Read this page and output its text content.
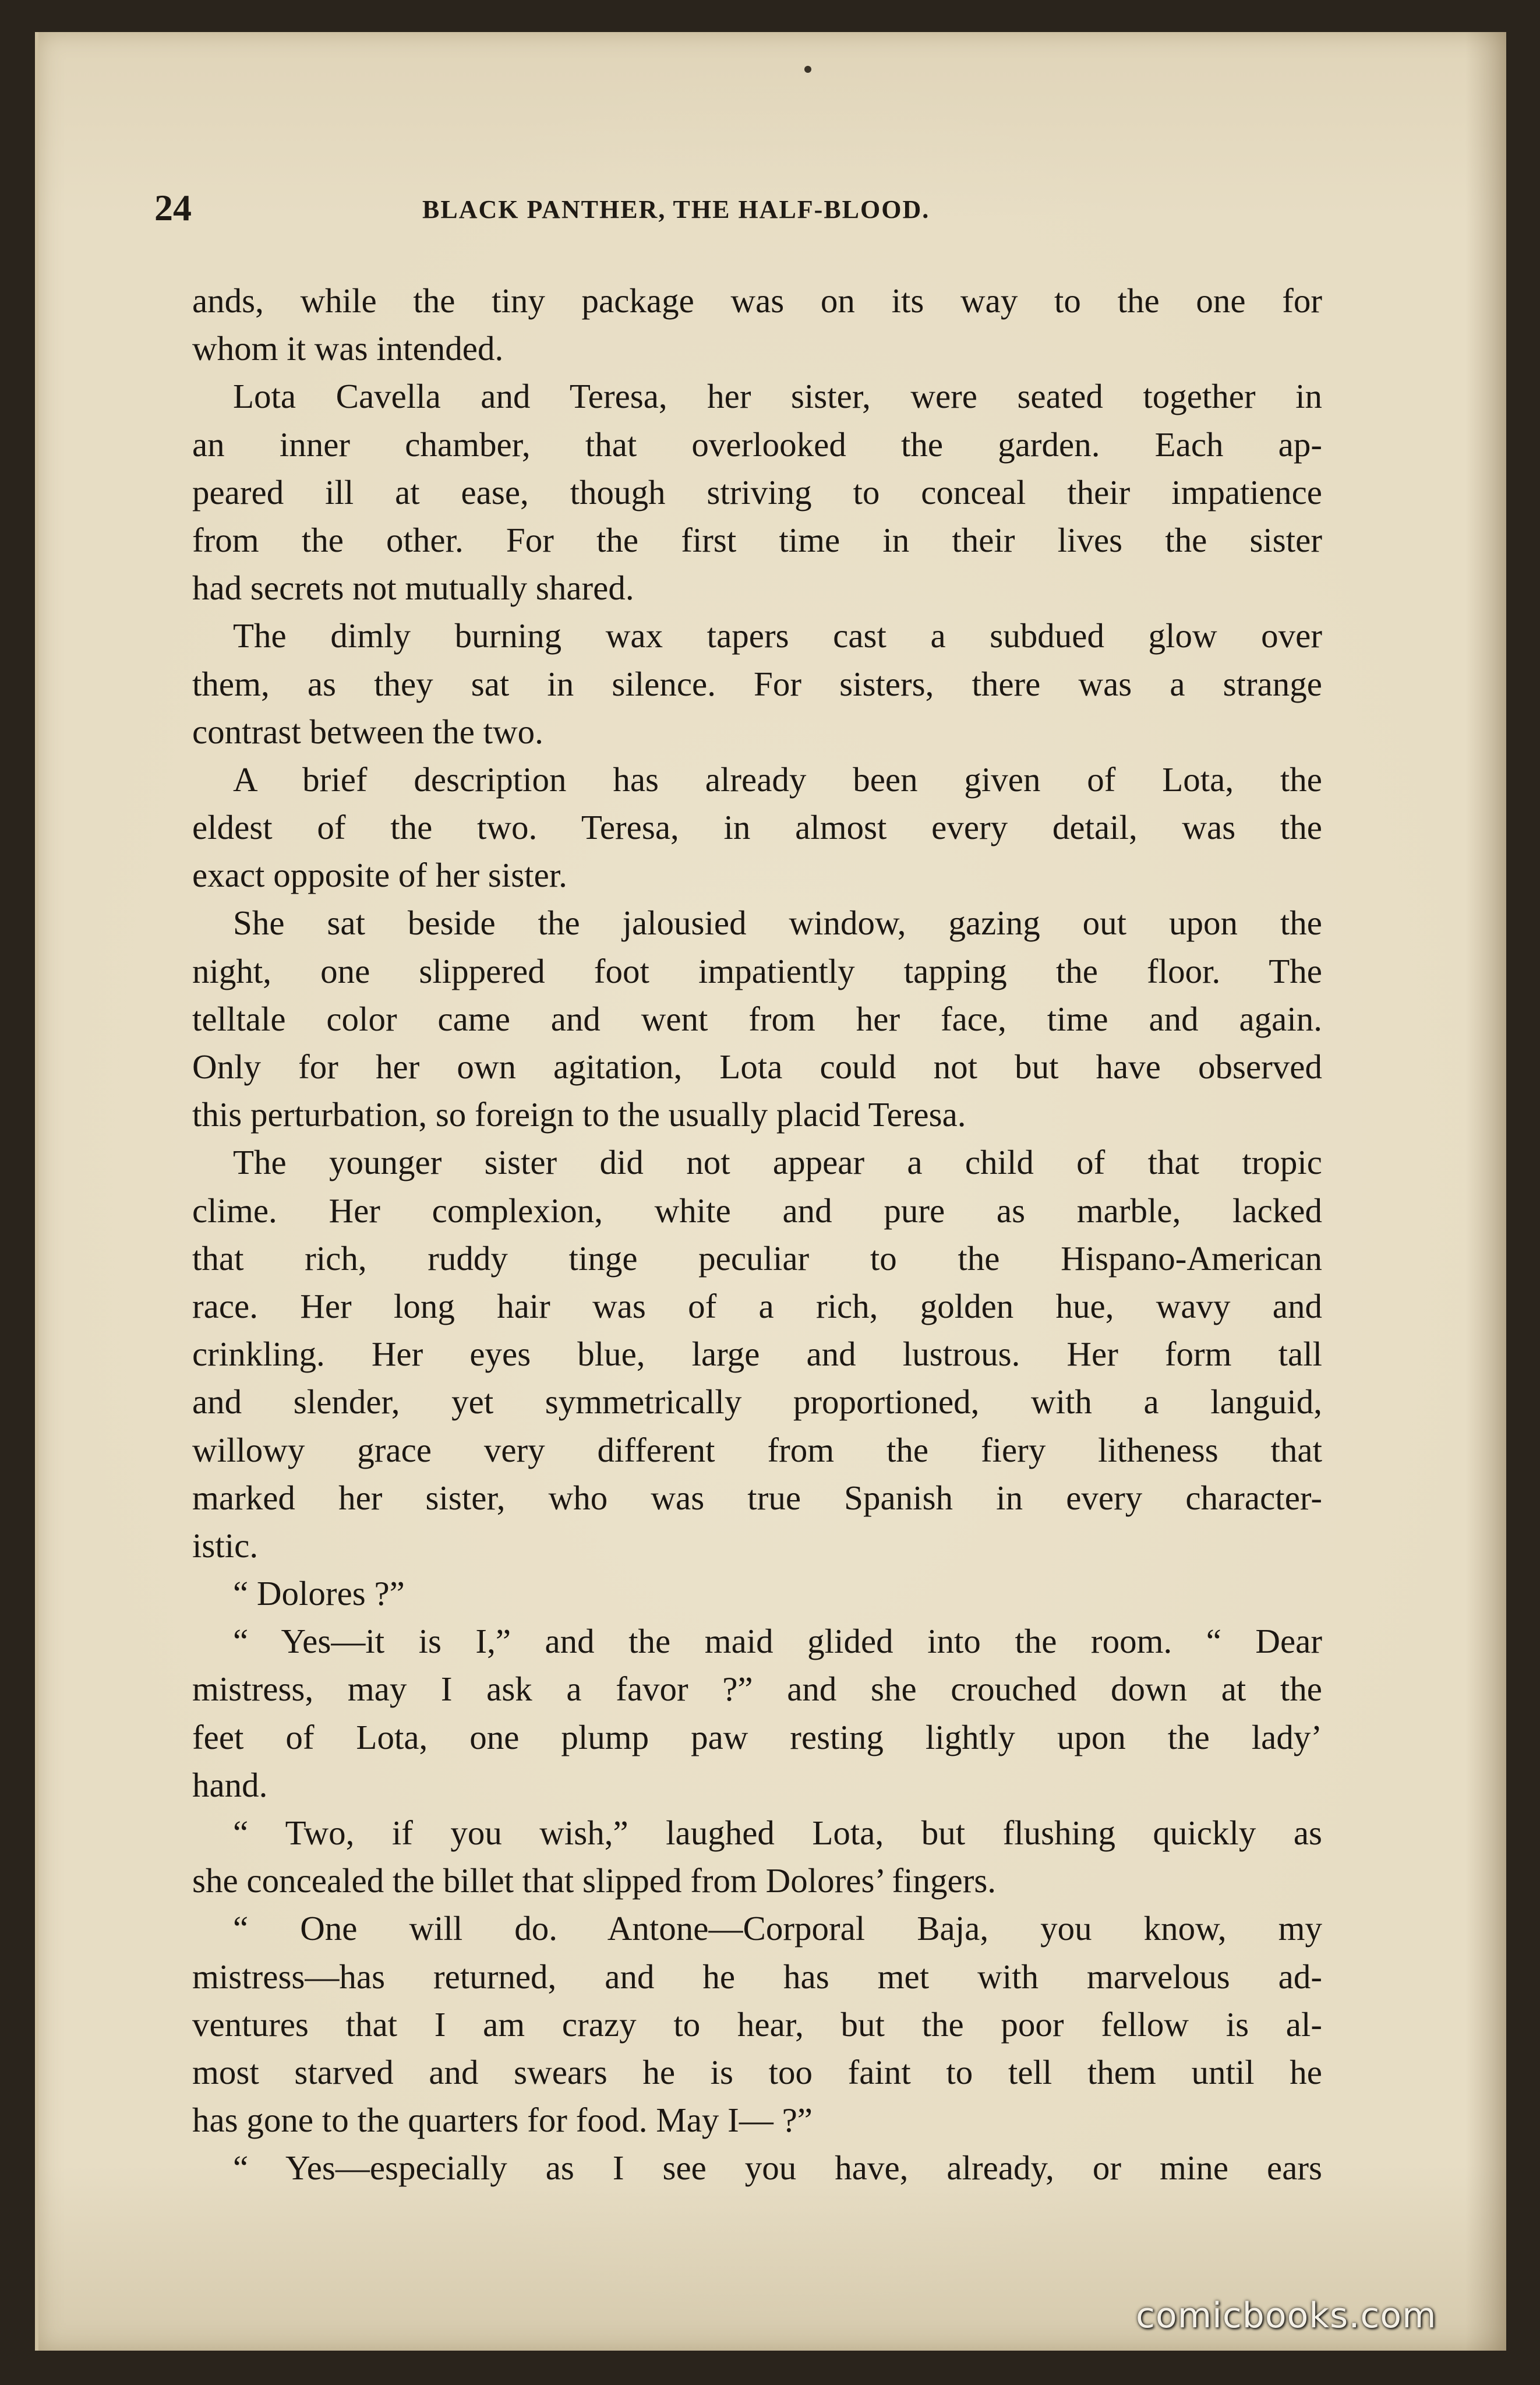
24	BLACK PANTHER, THE HALF-BLOOD.
ands, while the tiny package was on its way to the one for
whom it was intended.
Lota Cavella and Teresa, her sister, were seated together in
an inner chamber, that overlooked the garden. Each ap-
peared ill at ease, though striving to conceal their impatience
from the other. For the first time in their lives the sister
had secrets not mutually shared.
The dimly burning wax tapers cast a subdued glow over
them, as they sat in silence. For sisters, there was a strange
contrast between the two.
A brief description has already been given of Lota, the
eldest of the two. Teresa, in almost every detail, was the
exact opposite of her sister.
She sat beside the jalousied window, gazing out upon the
night, one slippered foot impatiently tapping the floor. The
telltale color came and went from her face, time and again.
Only for her own agitation, Lota could not but have observed
this perturbation, so foreign to the usually placid Teresa.
The younger sister did not appear a child of that tropic
clime. Her complexion, white and pure as marble, lacked
that rich, ruddy tinge peculiar to the Hispano-American
race. Her long hair was of a rich, golden hue, wavy and
crinkling. Her eyes blue, large and lustrous. Her form tall
and slender, yet symmetrically proportioned, with a languid,
willowy grace very different from the fiery litheness that
marked her sister, who was true Spanish in every character-
istic.
“ Dolores ?”
“ Yes—it is I,” and the maid glided into the room. “ Dear
mistress, may I ask a favor ?” and she crouched down at the
feet of Lota, one plump paw resting lightly upon the lady’
hand.
“ Two, if you wish,” laughed Lota, but flushing quickly as
she concealed the billet that slipped from Dolores’ fingers.
“ One will do. Antone—Corporal Baja, you know, my
mistress—has returned, and he has met with marvelous ad-
ventures that I am crazy to hear, but the poor fellow is al-
most starved and swears he is too faint to tell them until he
has gone to the quarters for food. May I— ?”
“ Yes—especially as I see you have, already, or mine ears
comicbooks.com
